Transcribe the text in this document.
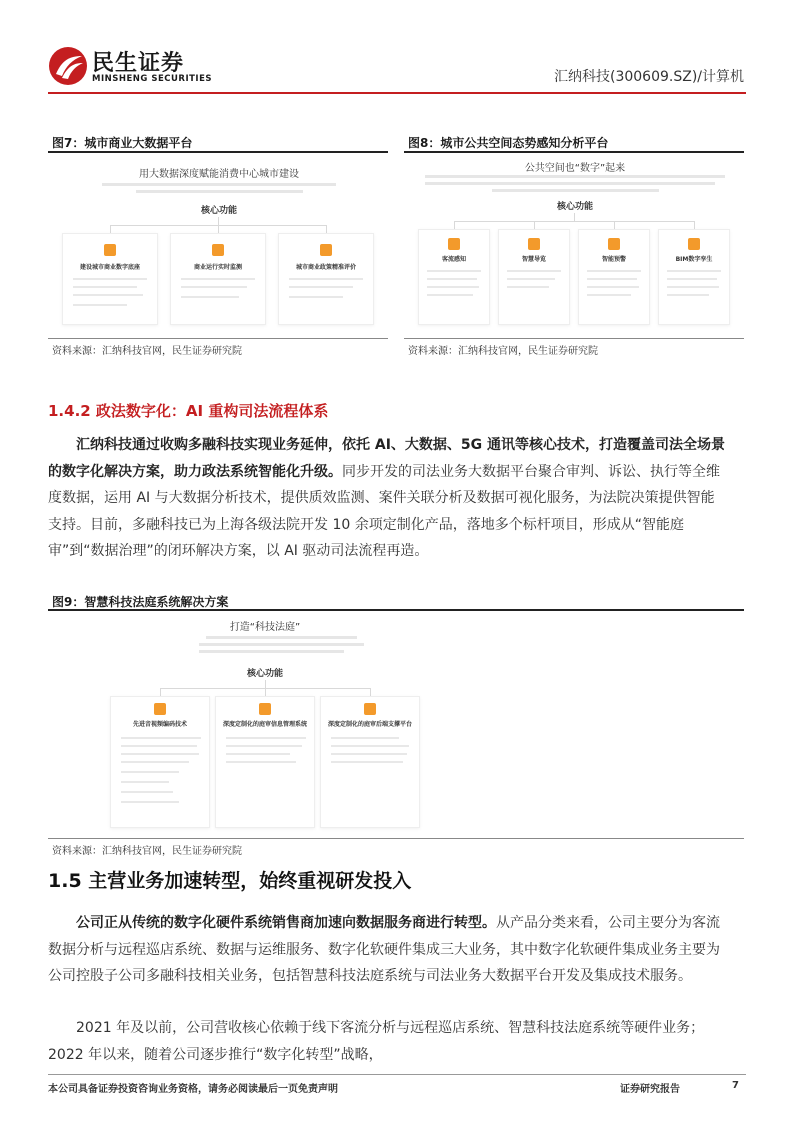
民生证券
MINSHENG SECURITIES	汇纳科技(300609.SZ)/计算机
图7：城市商业大数据平台
用大数据深度赋能消费中心城市建设
核心功能
建设城市商业数字底座	商业运行实时监测	城市商业政策精准评价
资料来源：汇纳科技官网，民生证券研究院
图8：城市公共空间态势感知分析平台
公共空间也“数字”起来
核心功能
客流感知	智慧导览	智能预警	BIM数字孪生
资料来源：汇纳科技官网，民生证券研究院
1.4.2 政法数字化：AI 重构司法流程体系
汇纳科技通过收购多融科技实现业务延伸，依托 AI、大数据、5G 通讯等核心技术，打造覆盖司法全场景的数字化解决方案，助力政法系统智能化升级。同步开发的司法业务大数据平台聚合审判、诉讼、执行等全维度数据，运用 AI 与大数据分析技术，提供质效监测、案件关联分析及数据可视化服务，为法院决策提供智能支持。目前，多融科技已为上海各级法院开发 10 余项定制化产品，落地多个标杆项目，形成从“智能庭审”到“数据治理”的闭环解决方案，以 AI 驱动司法流程再造。
图9：智慧科技法庭系统解决方案
打造“科技法庭”
核心功能
先进音视频编码技术	深度定制化的庭审信息管理系统	深度定制化的庭审后端支撑平台
资料来源：汇纳科技官网，民生证券研究院
1.5 主营业务加速转型，始终重视研发投入
公司正从传统的数字化硬件系统销售商加速向数据服务商进行转型。从产品分类来看，公司主要分为客流数据分析与远程巡店系统、数据与运维服务、数字化软硬件集成三大业务，其中数字化软硬件集成业务主要为公司控股子公司多融科技相关业务，包括智慧科技法庭系统与司法业务大数据平台开发及集成技术服务。
2021 年及以前，公司营收核心依赖于线下客流分析与远程巡店系统、智慧科技法庭系统等硬件业务；2022 年以来，随着公司逐步推行“数字化转型”战略，
本公司具备证券投资咨询业务资格，请务必阅读最后一页免责声明	证券研究报告	7
